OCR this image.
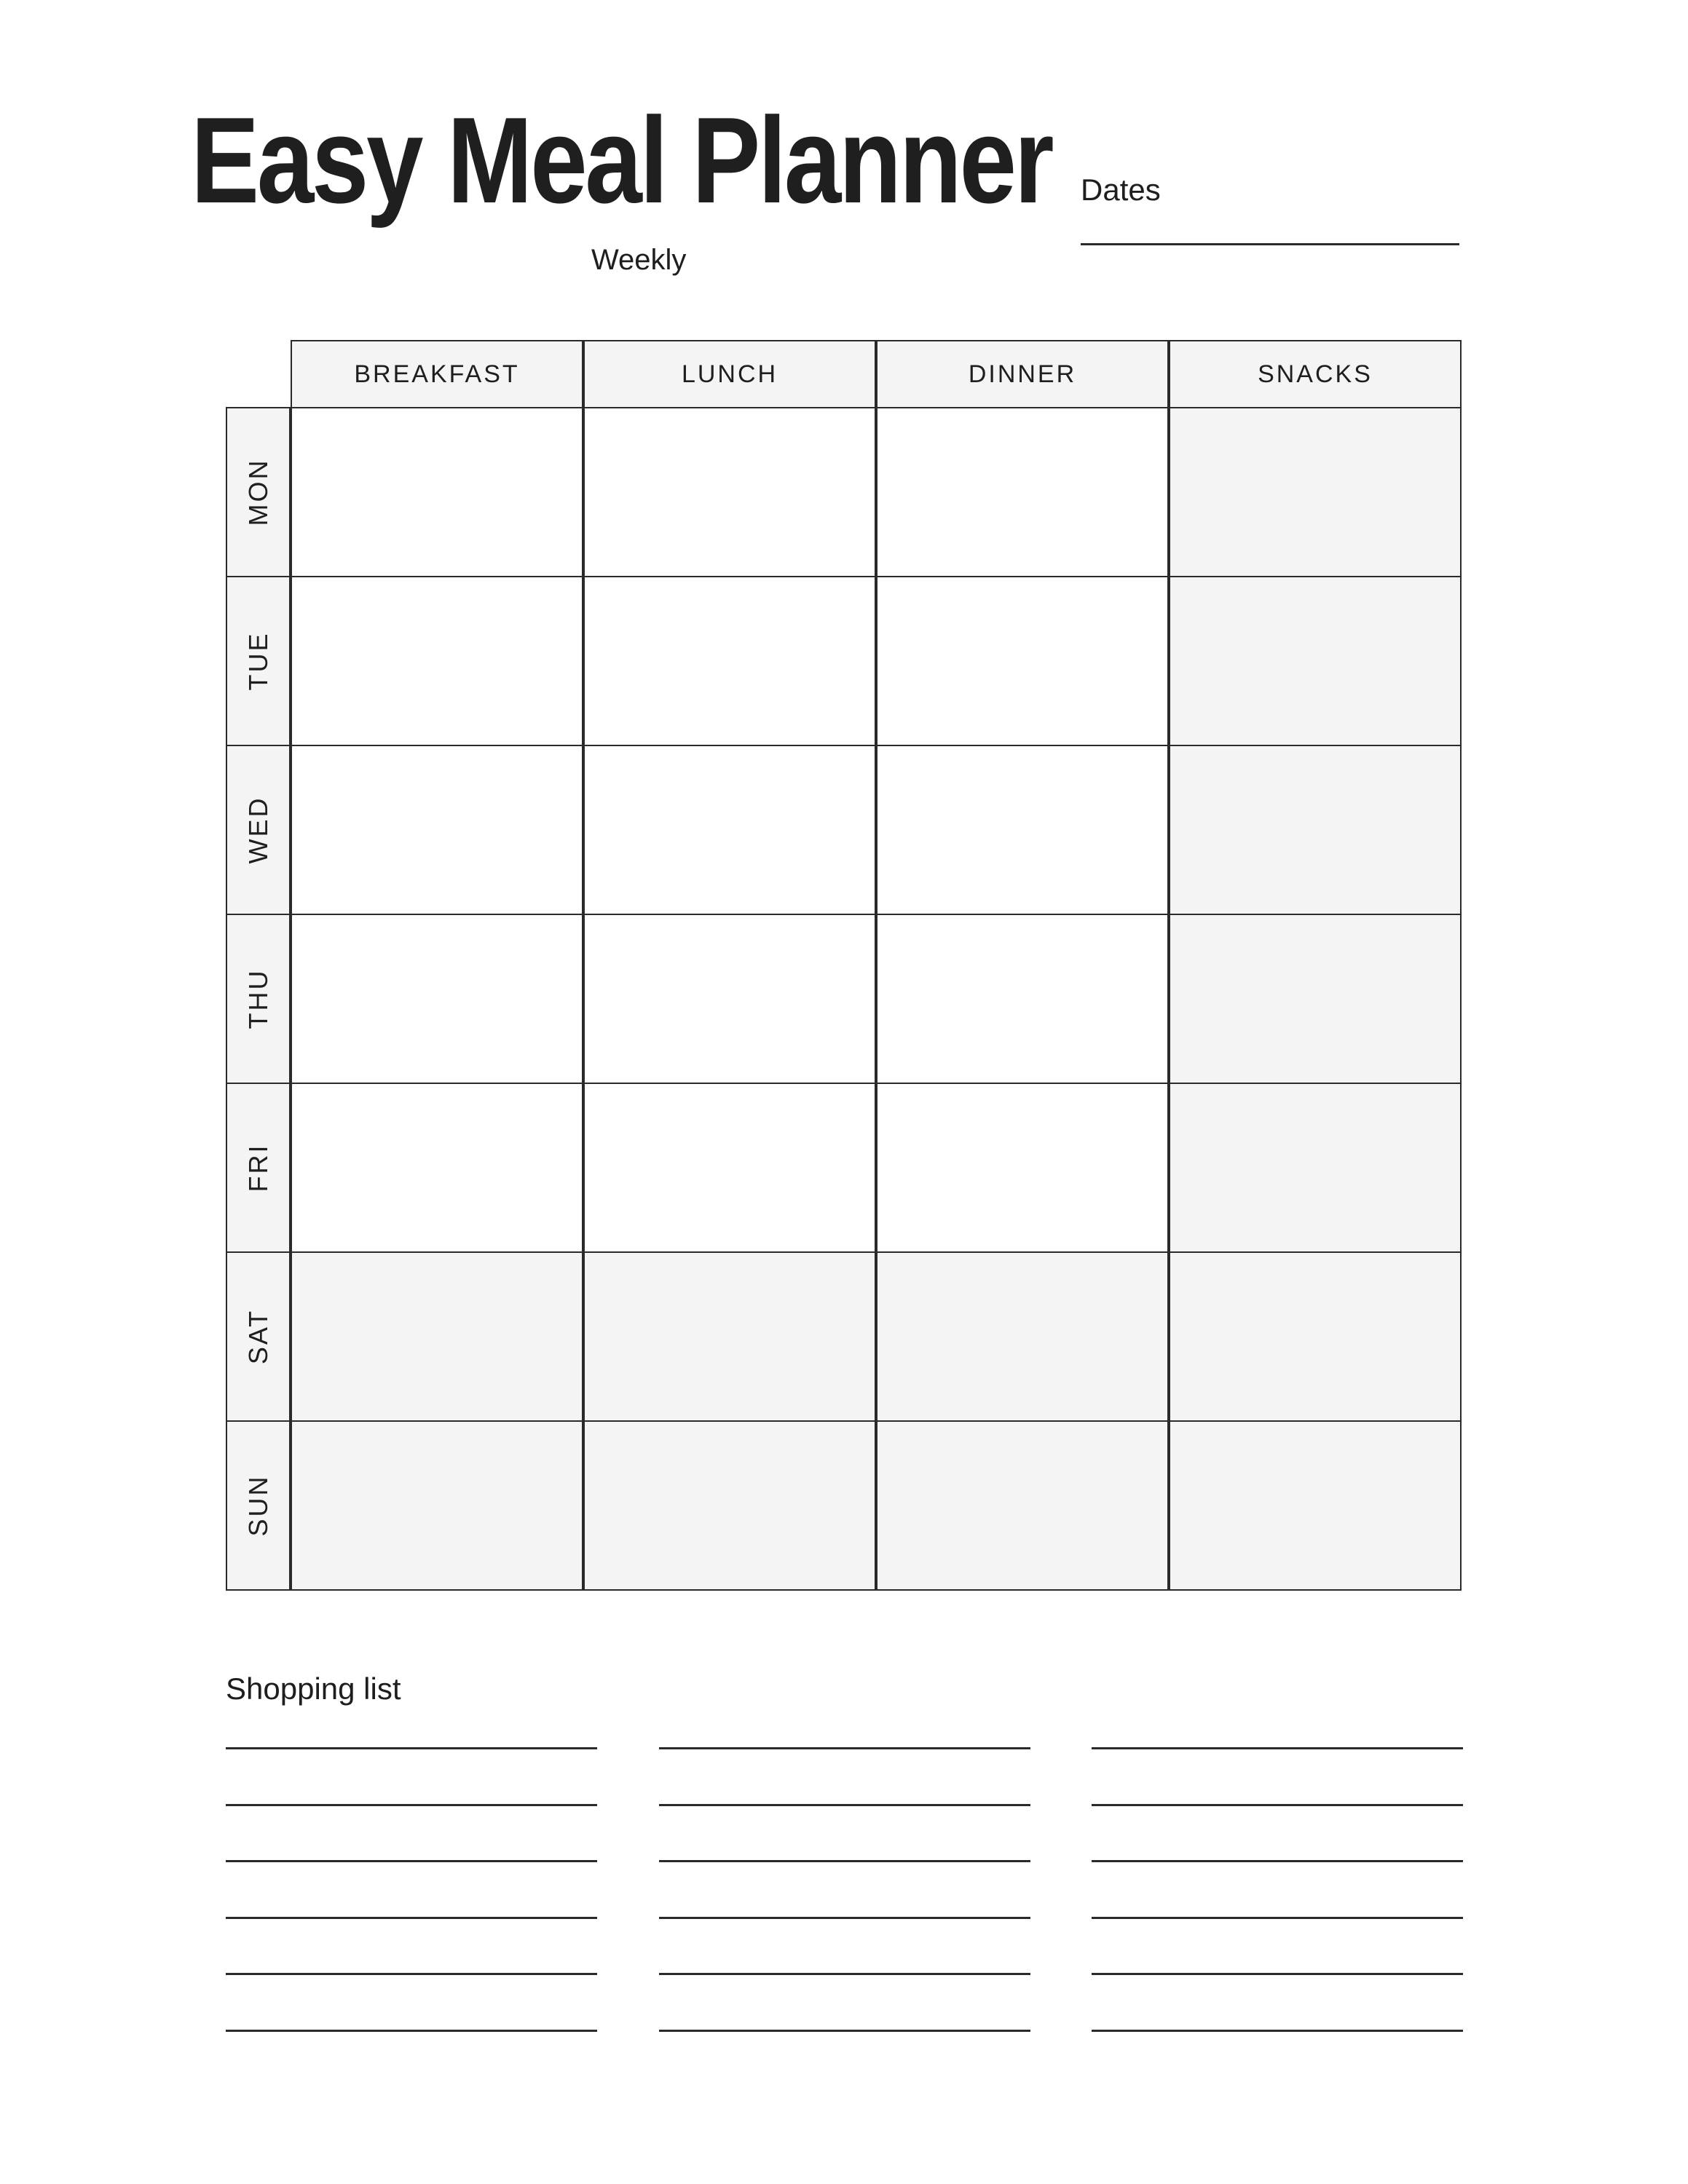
Easy Meal Planner
Weekly
Dates
BREAKFAST	LUNCH	DINNER	SNACKS
MON
TUE
WED
THU
FRI
SAT
SUN
Shopping list
